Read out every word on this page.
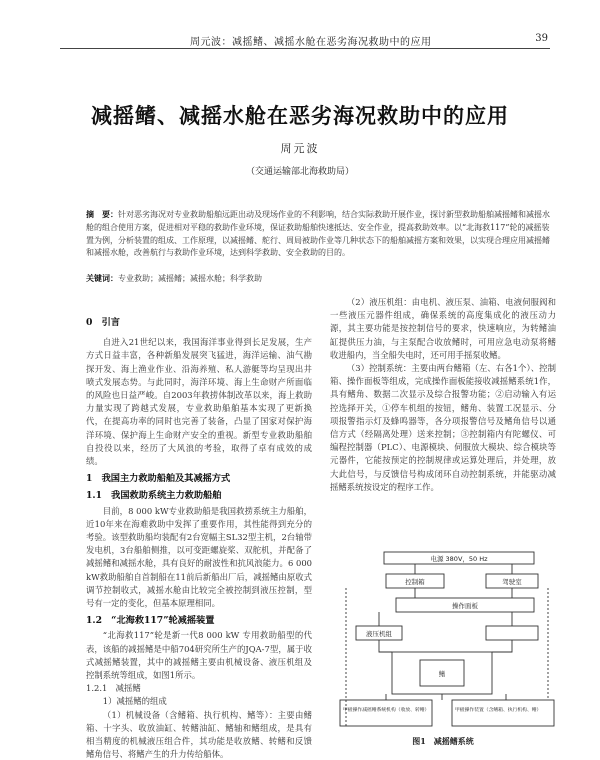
周元波：减摇鳍、减摇水舱在恶劣海况救助中的应用	39
减摇鳍、减摇水舱在恶劣海况救助中的应用
周元波
（交通运输部北海救助局）
摘　要：针对恶劣海况对专业救助船舶远距出动及现场作业的不利影响，结合实际救助开展作业，探讨新型救助船舶减摇鳍和减摇水舱的组合使用方案，促进相对平稳的救助作业环境，保证救助船舶快速抵达、安全作业，提高救助效率。以“北海救117”轮的减摇装置为例，分析装置的组成、工作原理，以减摇鳍、舵行、周局被助作业等几种状态下的船舶减摇方案和效果，以实现合理应用减摇鳍和减摇水舱，改善航行与救助作业环境，达到科学救助、安全救助的目的。
关键词：专业救助；减摇鳍；减摇水舱；科学救助

0　引言

自进入21世纪以来，我国海洋事业得到长足发展，生产方式日益丰富，各种新船发展突飞猛进，海洋运输、油气勘探开发、海上渔业作业、沿海养殖、私人游艇等均呈现出井喷式发展态势。与此同时，海洋环境、海上生命财产所面临的风险也日益严峻。自2003年救捞体制改革以来，海上救助力量实现了跨越式发展，专业救助船舶基本实现了更新换代，在提高功率的同时也完善了装备，凸显了国家对保护海洋环境、保护海上生命财产安全的重视。新型专业救助船舶自投役以来，经历了大风浪的考验，取得了卓有成效的成绩。

1　我国主力救助船舶及其减摇方式

1.1　我国救助系统主力救助船舶

目前，8 000 kW专业救助船是我国救捞系统主力船舶，近10年来在海难救助中发挥了重要作用，其性能得到充分的考验。该型救助船均装配有2台宽幅主SL32型主机，2台轴带发电机，3台船舶侧推，以可变距螺旋桨、双舵机，并配备了减摇鳍和减摇水舱，具有良好的耐波性和抗风浪能力。6 000 kW救助船舶自首制船在11前后新船出厂后，减摇鳍由原收式调节控制收式，减摇水舱由比较完全被控制到液压控制，型号有一定的变化，但基本原理相同。

1.2　“北海救117”轮减摇装置

“北海救117”轮是新一代8 000 kW 专用救助船型的代表，该船的减摇鳍是中船704研究所生产的JQA-7型，属于收式减摇鳍装置，其中的减摇鳍主要由机械设备、液压机组及控制系统等组成，如图1所示。

1.2.1　减摇鳍

1）减摇鳍的组成

（1）机械设备（含鳍箱、执行机构、鳍等）：主要由鳍箱、十字头、收放油缸、转鳍油缸、鳍轴和鳍组成，是具有相当精度的机械液压组合件，其功能是收放鳍、转鳍和反馈鳍角信号、将鳍产生的升力传给船体。

（2）液压机组：由电机、液压泵、油箱、电液伺服阀和一些液压元器件组成，确保系统的高度集成化的液压动力源，其主要功能是按控制信号的要求，快速响应，为转鳍油缸提供压力油，与主泵配合收放鳍时，可用应急电动泵将鳍收进船内，当全船失电时，还可用手摇泵收鳍。

（3）控制系统：主要由两台鳍箱（左、右各1个）、控制箱、操作面板等组成，完成操作面板能接收减摇鳍系统1作，具有鳍角、数据二次显示及综合报警功能；②启动输入有运控选择开关，①停车机组的按钮，鳍角、装置工况显示、分项报警指示灯及蜂鸣器等，各分项报警信号及鳍角信号以通信方式（经隔离处理）送来控制；③控制箱内有陀螺仪、可编程控制器（PLC）、电源模块、伺服放大模块、综合模块等元器件，它能按预定的控制规律或运算处理后，并处理，放大此信号，与反馈信号构成闭环自动控制系统，并能驱动减摇鳍系统按设定的程序工作。

电源 380V，50 Hz
控制箱	驾驶室
操作面板
液压机组
鳍
甲板操作减摇鳍系统机构（收放、转鳍）	甲板操作装置（含鳍箱、执行机构、鳍）
图1　减摇鳍系统
